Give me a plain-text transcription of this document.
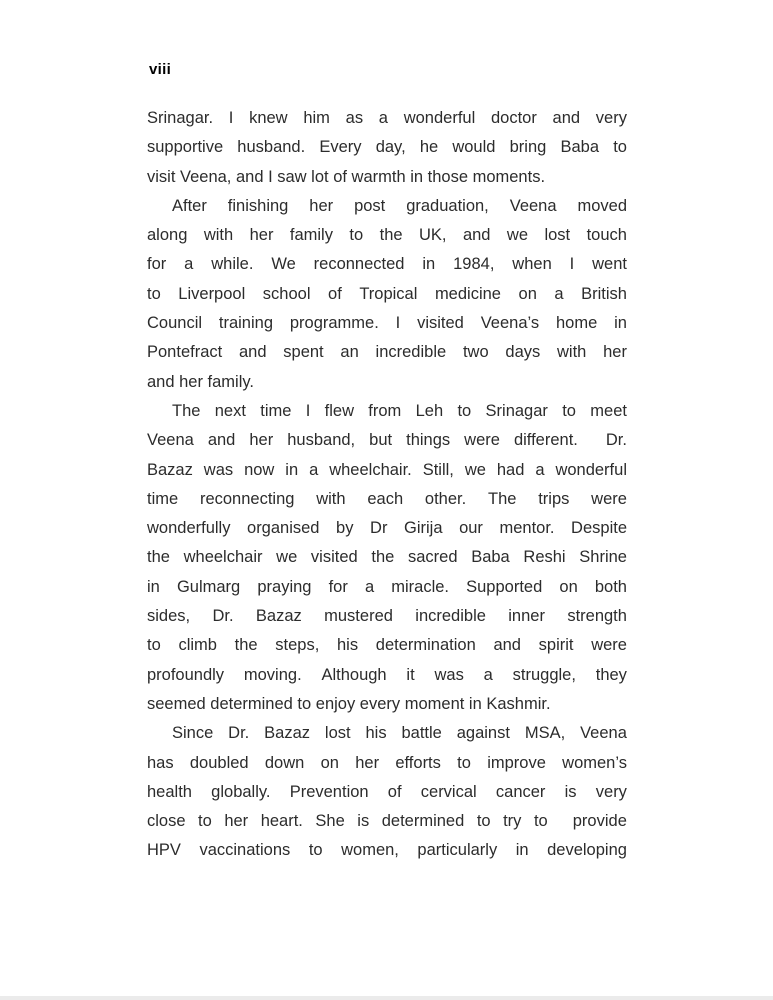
viii
Srinagar. I knew him as a wonderful doctor and very
supportive husband. Every day, he would bring Baba to
visit Veena, and I saw lot of warmth in those moments.
After finishing her post graduation, Veena moved
along with her family to the UK, and we lost touch
for a while. We reconnected in 1984, when I went
to Liverpool school of Tropical medicine on a British
Council training programme. I visited Veena’s home in
Pontefract and spent an incredible two days with her
and her family.
The next time I flew from Leh to Srinagar to meet
Veena and her husband, but things were different. Dr.
Bazaz was now in a wheelchair. Still, we had a wonderful
time reconnecting with each other. The trips were
wonderfully organised by Dr Girija our mentor. Despite
the wheelchair we visited the sacred Baba Reshi Shrine
in Gulmarg praying for a miracle. Supported on both
sides, Dr. Bazaz mustered incredible inner strength
to climb the steps, his determination and spirit were
profoundly moving. Although it was a struggle, they
seemed determined to enjoy every moment in Kashmir.
Since Dr. Bazaz lost his battle against MSA, Veena
has doubled down on her efforts to improve women’s
health globally. Prevention of cervical cancer is very
close to her heart. She is determined to try to provide
HPV vaccinations to women, particularly in developing
